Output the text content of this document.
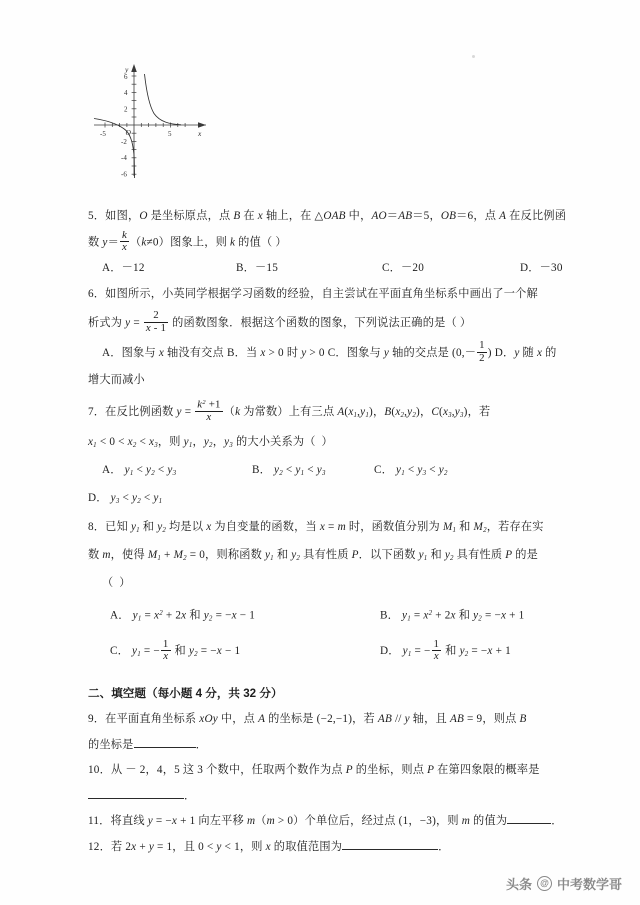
y
x
O
-5	5
6
4
2
-2
-4
-6
5．如图，O 是坐标原点，点 B 在 x 轴上，在 △OAB 中，AO＝AB＝5，OB＝6，点 A 在反比例函
数 $y= \frac{k}{x} (k\ne 0)$图象上，则 k 的值（ ）
A．－12	B．－15	C．－20	D．－30
6．如图所示，小英同学根据学习函数的经验，自主尝试在平面直角坐标系中画出了一个解
析式为 $y = \frac{2}{x - 1}$ 的函数图象．根据这个函数的图象，下列说法正确的是（ ）
A．图象与 x 轴没有交点 B．当 x > 0 时 y > 0 C．图象与 y 轴的交点是 ($0,- \frac{1}{2}$ ) D．y 随 x 的
增大而减小
7．在反比例函数 $y = \frac{k^2 +1}{x} (k$ 为常数）上有三点 $A(x_1,y_1)$，$B(x_2,y_2)$，$C(x_3,y_3)$，若
$x_1 < 0 < x_2 < x_3$，则 $y_1$，$y_2$，$y_3$ 的大小关系为（ ）
A． $y_1 < y_2 < y_3$	B． $y_2 < y_1 < y_3$	C． $y_1 < y_3 < y_2$
D． $y_3 < y_2 < y_1$
8．已知 $y_1$ 和 $y_2$ 均是以 x 为自变量的函数，当 x = m 时，函数值分别为 $M_1$ 和 $M_2$，若存在实
数 m，使得 $M_1 + M_2 = 0$，则称函数 $y_1$ 和 $y_2$ 具有性质 P．以下函数 $y_1$ 和 $y_2$ 具有性质 P 的是
（ ）
A． $y_1 = x^2 + 2x$ 和 $y_2 = -x - 1$	B． $y_1 = x^2 + 2x$ 和 $y_2 = -x + 1$
C． $y_1$ = − $\frac{1}{x}$ 和 $y_2 = -x - 1$	D． $y_1$ = − $\frac{1}{x}$ 和 $y_2 = -x + 1$
二、填空题（每小题 4 分，共 32 分）
9．在平面直角坐标系 xOy 中，点 A 的坐标是 (−2,−1)，若 AB // y 轴，且 AB = 9，则点 B
的坐标是	．
10．从 － 2，4，5 这 3 个数中，任取两个数作为点 P 的坐标，则点 P 在第四象限的概率是
．
11．将直线 y = −x + 1 向左平移 m（m > 0）个单位后，经过点 (1，−3)，则 m 的值为	．
12．若 2x + y = 1，且 0 < y < 1，则 x 的取值范围为	．
头条 @ 中考数学哥
